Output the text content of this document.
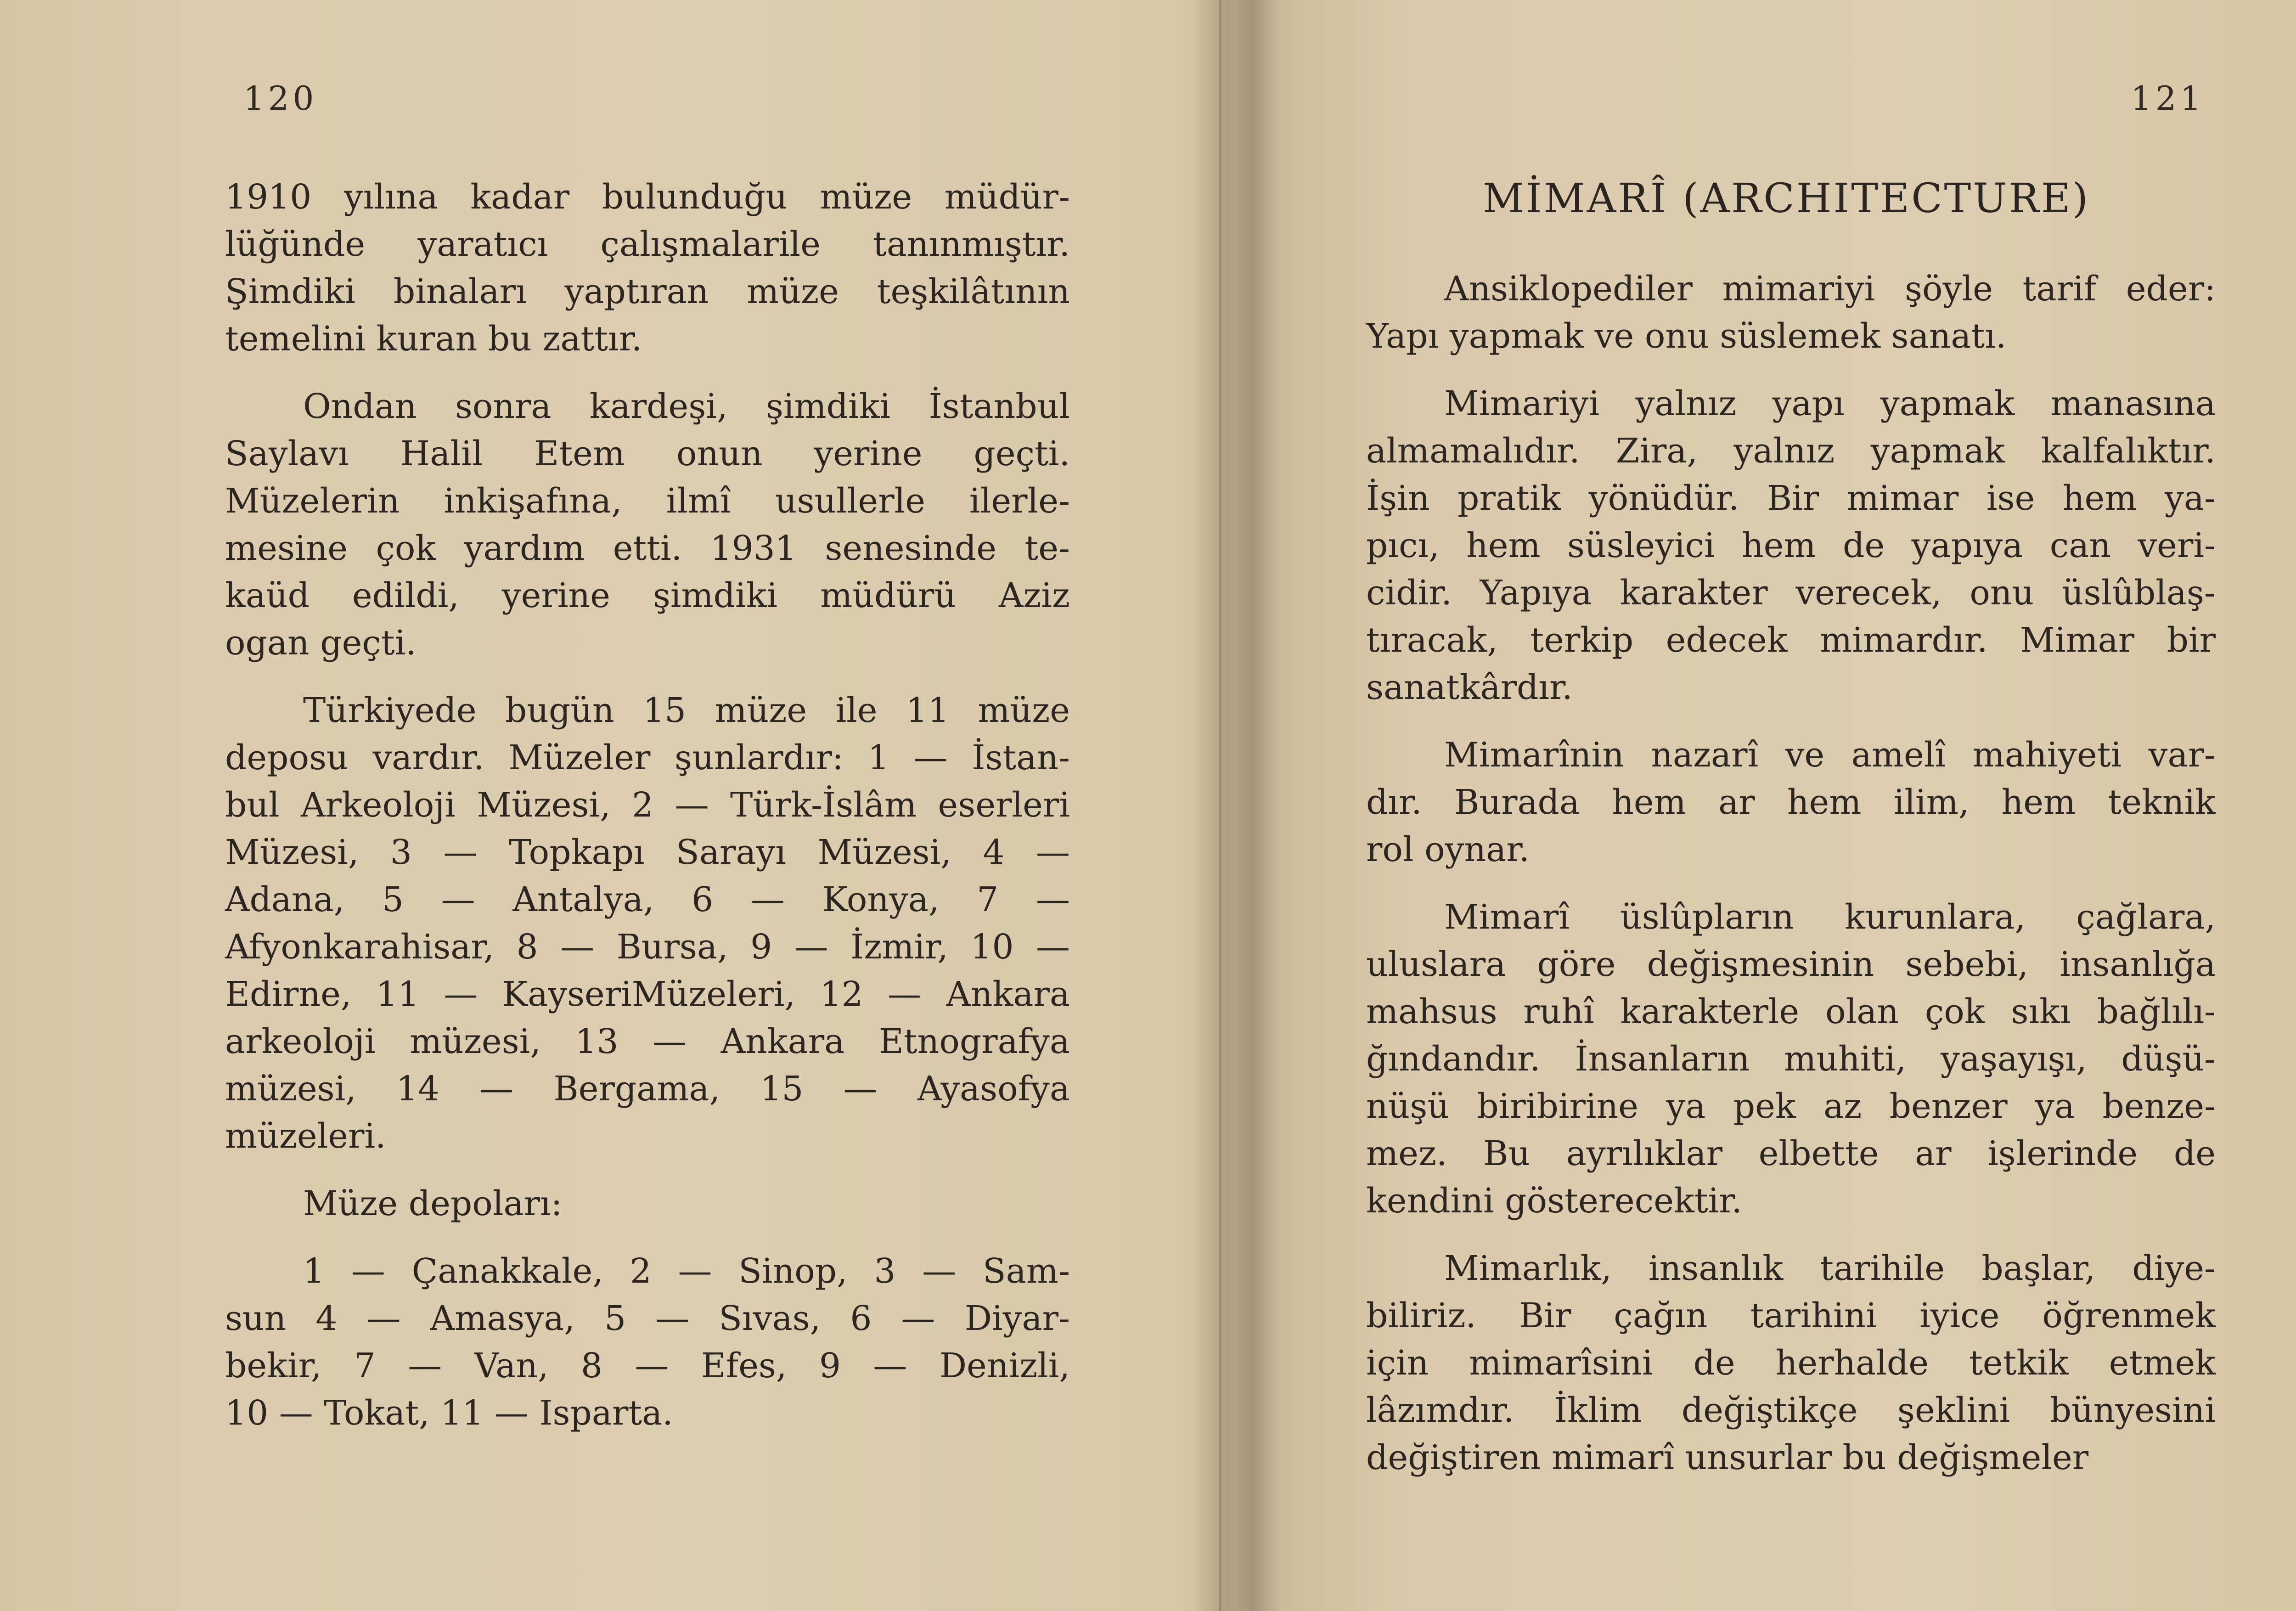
120	121
1910 yılına kadar bulunduğu müze müdür-
lüğünde yaratıcı çalışmalarile tanınmıştır.
Şimdiki binaları yaptıran müze teşkilâtının
temelini kuran bu zattır.
Ondan sonra kardeşi, şimdiki İstanbul
Saylavı Halil Etem onun yerine geçti.
Müzelerin inkişafına, ilmî usullerle ilerle-
mesine çok yardım etti. 1931 senesinde te-
kaüd edildi, yerine şimdiki müdürü Aziz
ogan geçti.
Türkiyede bugün 15 müze ile 11 müze
deposu vardır. Müzeler şunlardır: 1 — İstan-
bul Arkeoloji Müzesi, 2 — Türk-İslâm eserleri
Müzesi, 3 — Topkapı Sarayı Müzesi, 4 —
Adana, 5 — Antalya, 6 — Konya, 7 —
Afyonkarahisar, 8 — Bursa, 9 — İzmir, 10 —
Edirne, 11 — KayseriMüzeleri, 12 — Ankara
arkeoloji müzesi, 13 — Ankara Etnografya
müzesi, 14 — Bergama, 15 — Ayasofya
müzeleri.
Müze depoları:
1 — Çanakkale, 2 — Sinop, 3 — Sam-
sun 4 — Amasya, 5 — Sıvas, 6 — Diyar-
bekir, 7 — Van, 8 — Efes, 9 — Denizli,
10 — Tokat, 11 — Isparta.
MİMARÎ (ARCHITECTURE)
Ansiklopediler mimariyi şöyle tarif eder:
Yapı yapmak ve onu süslemek sanatı.
Mimariyi yalnız yapı yapmak manasına
almamalıdır. Zira, yalnız yapmak kalfalıktır.
İşin pratik yönüdür. Bir mimar ise hem ya-
pıcı, hem süsleyici hem de yapıya can veri-
cidir. Yapıya karakter verecek, onu üslûblaş-
tıracak, terkip edecek mimardır. Mimar bir
sanatkârdır.
Mimarînin nazarî ve amelî mahiyeti var-
dır. Burada hem ar hem ilim, hem teknik
rol oynar.
Mimarî üslûpların kurunlara, çağlara,
uluslara göre değişmesinin sebebi, insanlığa
mahsus ruhî karakterle olan çok sıkı bağlılı-
ğındandır. İnsanların muhiti, yaşayışı, düşü-
nüşü biribirine ya pek az benzer ya benze-
mez. Bu ayrılıklar elbette ar işlerinde de
kendini gösterecektir.
Mimarlık, insanlık tarihile başlar, diye-
biliriz. Bir çağın tarihini iyice öğrenmek
için mimarîsini de herhalde tetkik etmek
lâzımdır. İklim değiştikçe şeklini bünyesini
değiştiren mimarî unsurlar bu değişmeler
